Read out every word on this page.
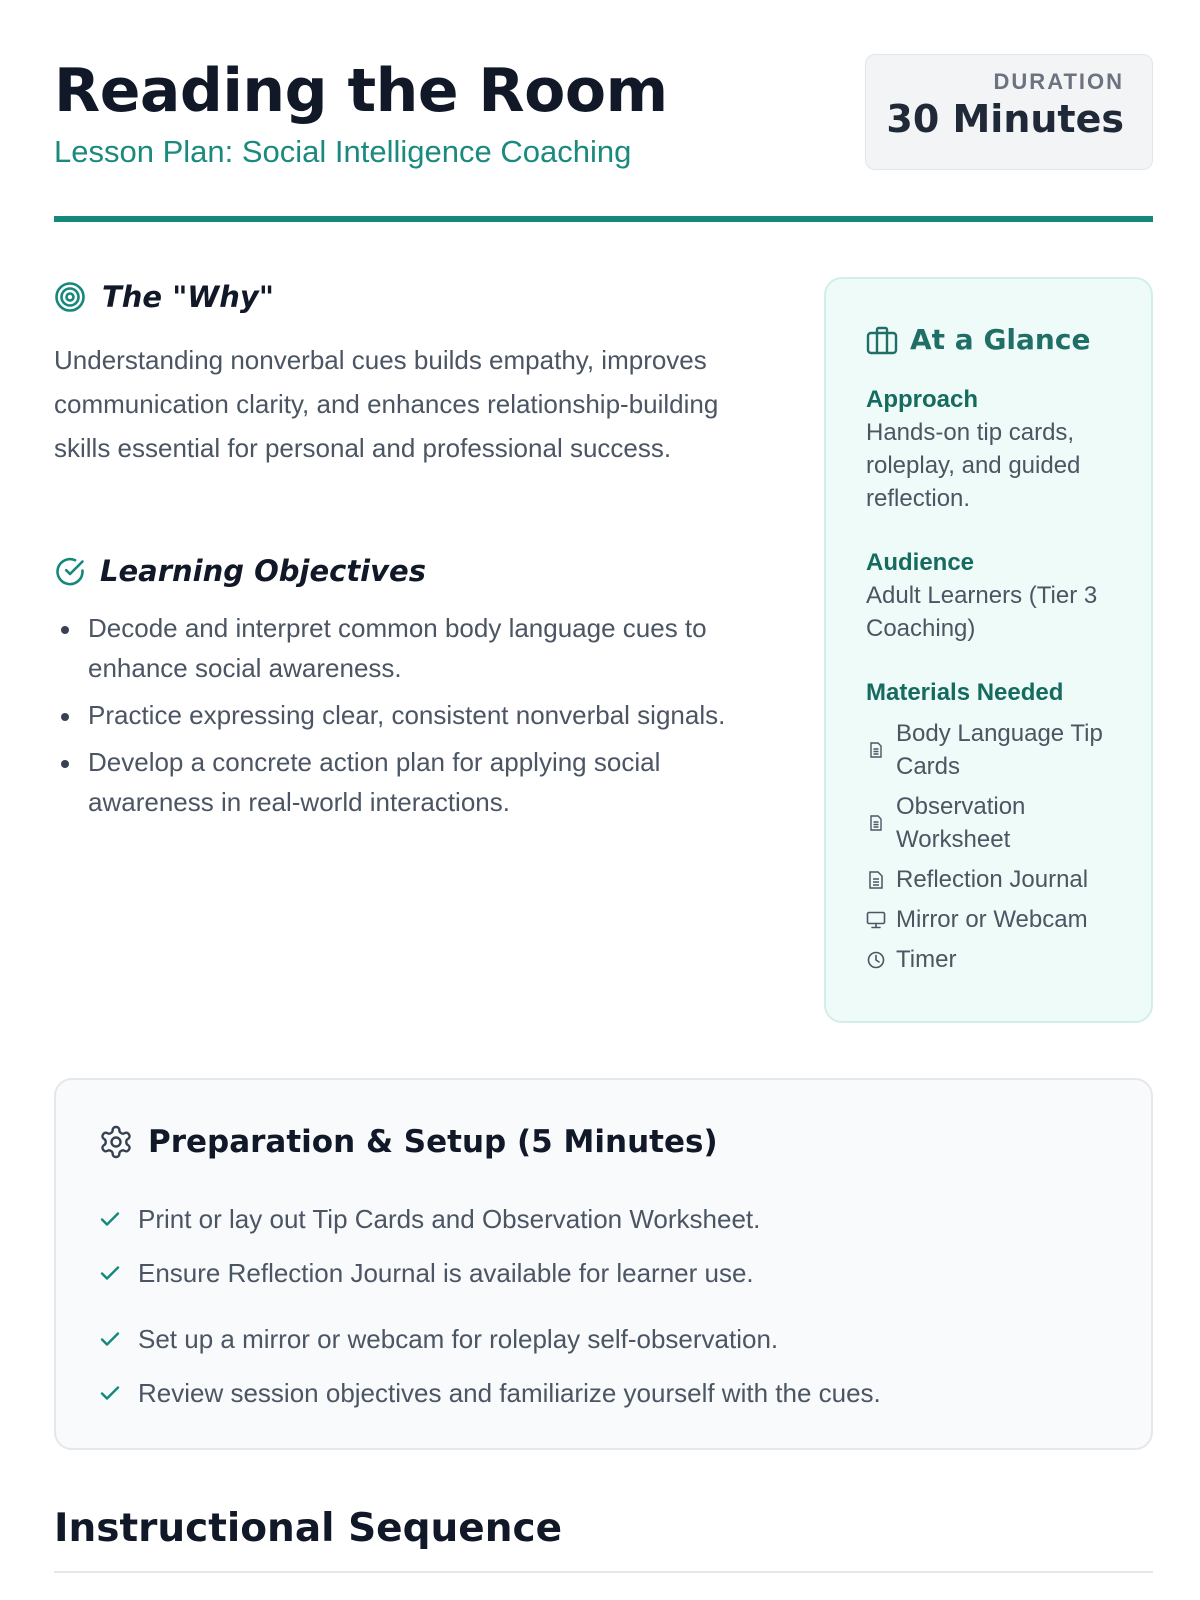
Reading the Room
Lesson Plan: Social Intelligence Coaching
DURATION
30 Minutes
The "Why"
Understanding nonverbal cues builds empathy, improves communication clarity, and enhances relationship-building skills essential for personal and professional success.
Learning Objectives
Decode and interpret common body language cues to enhance social awareness.
Practice expressing clear, consistent nonverbal signals.
Develop a concrete action plan for applying social awareness in real-world interactions.
At a Glance
Approach
Hands-on tip cards, roleplay, and guided reflection.
Audience
Adult Learners (Tier 3 Coaching)
Materials Needed
Body Language Tip Cards
Observation Worksheet
Reflection Journal
Mirror or Webcam
Timer
Preparation & Setup (5 Minutes)
Print or lay out Tip Cards and Observation Worksheet.
Ensure Reflection Journal is available for learner use.
Set up a mirror or webcam for roleplay self-observation.
Review session objectives and familiarize yourself with the cues.
Instructional Sequence
